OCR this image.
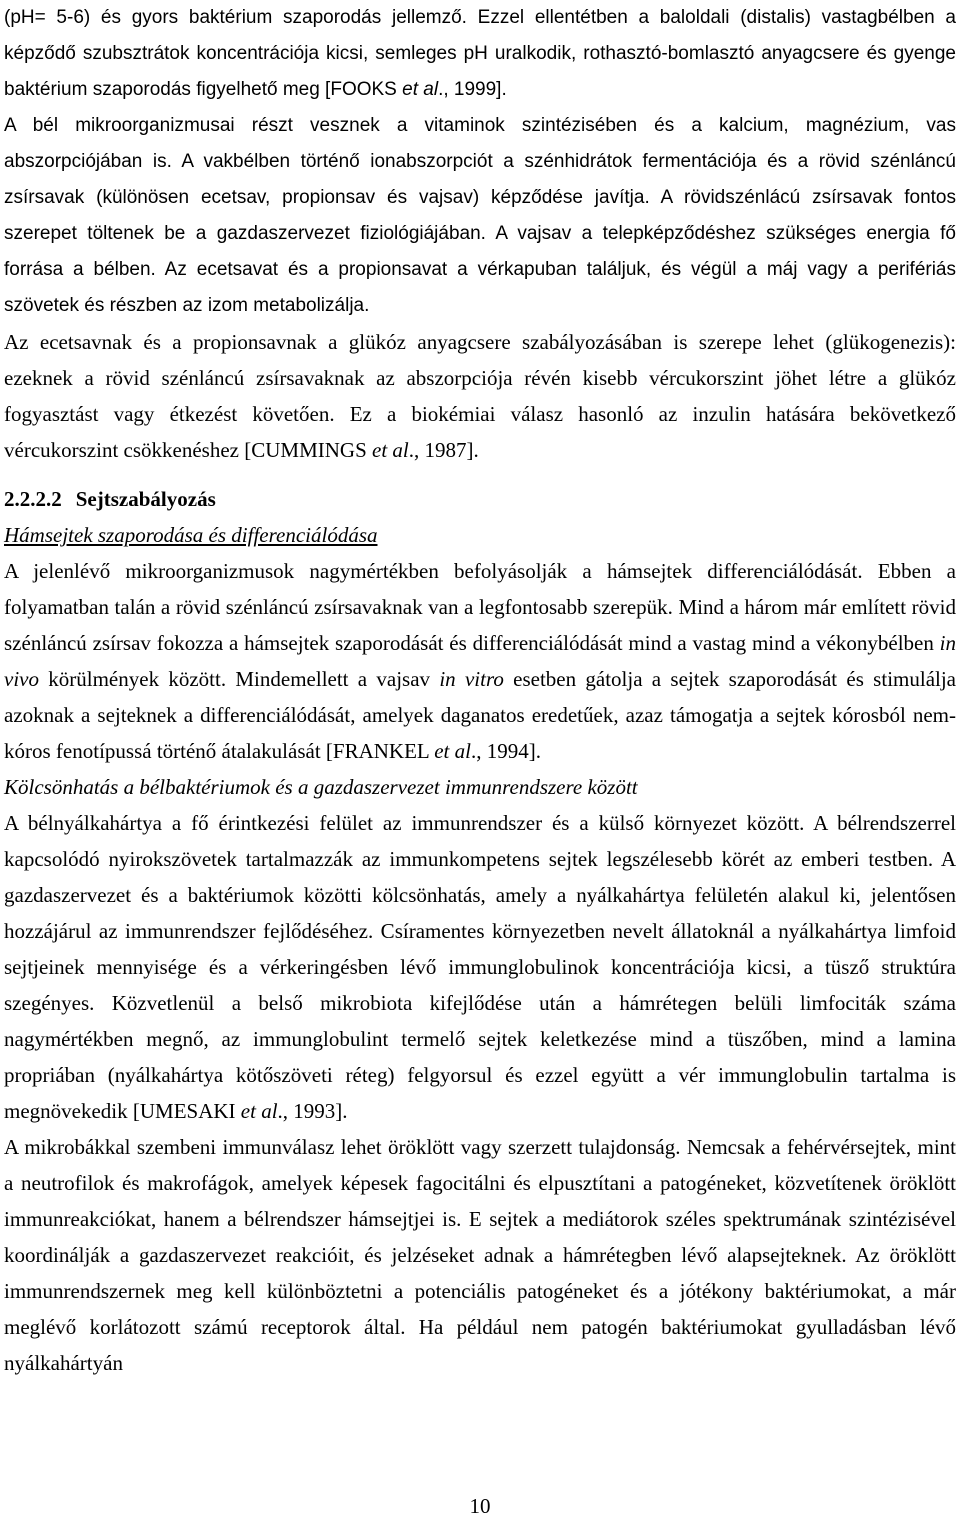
(pH= 5-6) és gyors baktérium szaporodás jellemző. Ezzel ellentétben a baloldali (distalis) vastagbélben a képződő szubsztrátok koncentrációja kicsi, semleges pH uralkodik, rothasztó-bomlasztó anyagcsere és gyenge baktérium szaporodás figyelhető meg [FOOKS et al., 1999].

A bél mikroorganizmusai részt vesznek a vitaminok szintézisében és a kalcium, magnézium, vas abszorpciójában is. A vakbélben történő ionabszorpciót a szénhidrátok fermentációja és a rövid szénláncú zsírsavak (különösen ecetsav, propionsav és vajsav) képződése javítja. A rövidszénlácú zsírsavak fontos szerepet töltenek be a gazdaszervezet fiziológiájában. A vajsav a telepképződéshez szükséges energia fő forrása a bélben. Az ecetsavat és a propionsavat a vérkapuban találjuk, és végül a máj vagy a perifériás szövetek és részben az izom metabolizálja.

Az ecetsavnak és a propionsavnak a glükóz anyagcsere szabályozásában is szerepe lehet (glükogenezis): ezeknek a rövid szénláncú zsírsavaknak az abszorpciója révén kisebb vércukorszint jöhet létre a glükóz fogyasztást vagy étkezést követően. Ez a biokémiai válasz hasonló az inzulin hatására bekövetkező vércukorszint csökkenéshez [CUMMINGS et al., 1987].

2.2.2.2 Sejtszabályozás

Hámsejtek szaporodása és differenciálódása

A jelenlévő mikroorganizmusok nagymértékben befolyásolják a hámsejtek differenciálódását. Ebben a folyamatban talán a rövid szénláncú zsírsavaknak van a legfontosabb szerepük. Mind a három már említett rövid szénláncú zsírsav fokozza a hámsejtek szaporodását és differenciálódását mind a vastag mind a vékonybélben in vivo körülmények között. Mindemellett a vajsav in vitro esetben gátolja a sejtek szaporodását és stimulálja azoknak a sejteknek a differenciálódását, amelyek daganatos eredetűek, azaz támogatja a sejtek kórosból nem-kóros fenotípussá történő átalakulását [FRANKEL et al., 1994].

Kölcsönhatás a bélbaktériumok és a gazdaszervezet immunrendszere között

A bélnyálkahártya a fő érintkezési felület az immunrendszer és a külső környezet között. A bélrendszerrel kapcsolódó nyirokszövetek tartalmazzák az immunkompetens sejtek legszélesebb körét az emberi testben. A gazdaszervezet és a baktériumok közötti kölcsönhatás, amely a nyálkahártya felületén alakul ki, jelentősen hozzájárul az immunrendszer fejlődéséhez. Csíramentes környezetben nevelt állatoknál a nyálkahártya limfoid sejtjeinek mennyisége és a vérkeringésben lévő immunglobulinok koncentrációja kicsi, a tüsző struktúra szegényes. Közvetlenül a belső mikrobiota kifejlődése után a hámrétegen belüli limfociták száma nagymértékben megnő, az immunglobulint termelő sejtek keletkezése mind a tüszőben, mind a lamina propriában (nyálkahártya kötőszöveti réteg) felgyorsul és ezzel együtt a vér immunglobulin tartalma is megnövekedik [UMESAKI et al., 1993].

A mikrobákkal szembeni immunválasz lehet öröklött vagy szerzett tulajdonság. Nemcsak a fehérvérsejtek, mint a neutrofilok és makrofágok, amelyek képesek fagocitálni és elpusztítani a patogéneket, közvetítenek öröklött immunreakciókat, hanem a bélrendszer hámsejtjei is. E sejtek a mediátorok széles spektrumának szintézisével koordinálják a gazdaszervezet reakcióit, és jelzéseket adnak a hámrétegben lévő alapsejteknek. Az öröklött immunrendszernek meg kell különböztetni a potenciális patogéneket és a jótékony baktériumokat, a már meglévő korlátozott számú receptorok által. Ha például nem patogén baktériumokat gyulladásban lévő nyálkahártyán

10
